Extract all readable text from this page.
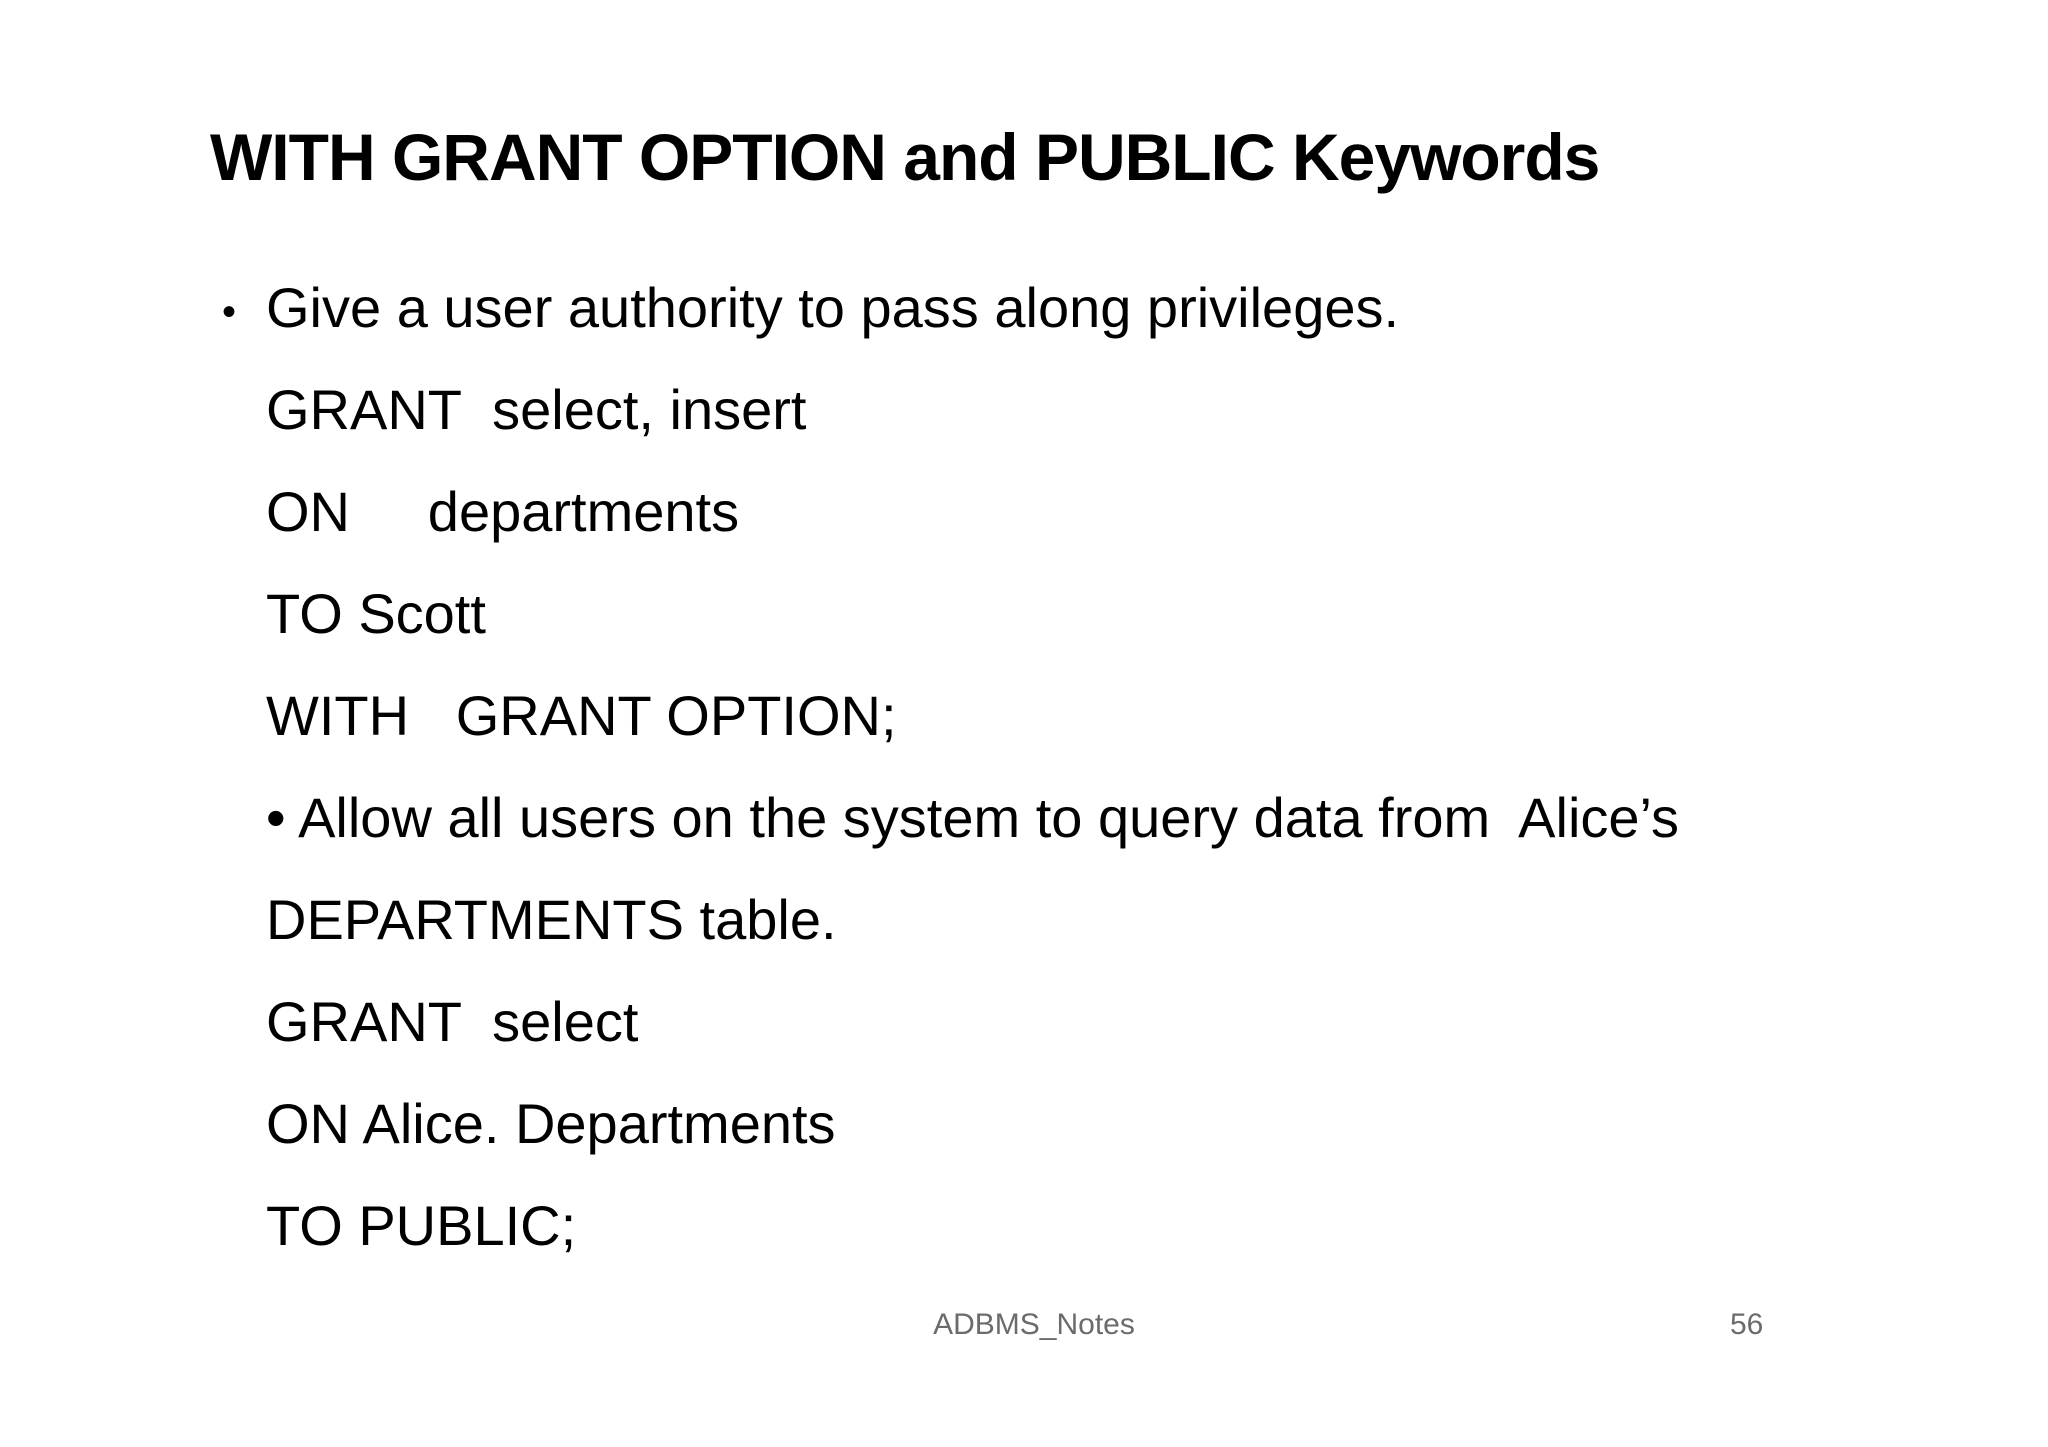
WITH GRANT OPTION and PUBLIC Keywords
• Give a user authority to pass along privileges.
GRANT  select, insert
ON     departments
TO Scott
WITH   GRANT OPTION;
• Allow all users on the system to query data from  Alice’s
DEPARTMENTS table.
GRANT  select
ON Alice. Departments
TO PUBLIC;
ADBMS_Notes	56
